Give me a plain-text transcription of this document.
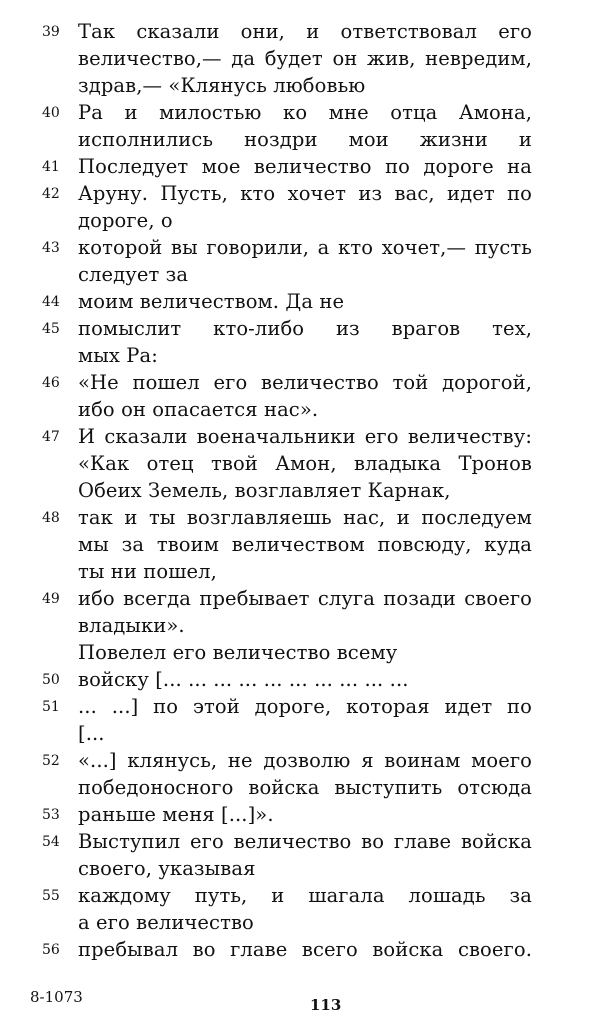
39 Так сказали они, и ответствовал его
величество,— да будет он жив, невредим,
здрав,— «Клянусь любовью
40 Ра и милостью ко мне отца Амона,
исполнились ноздри мои жизни и
41 Последует мое величество по дороге на
42 Аруну. Пусть, кто хочет из вас, идет по
дороге, о
43 которой вы говорили, а кто хочет,— пусть
следует за
44 моим величеством. Да не
45 помыслит кто-либо из врагов тех,
мых Ра:
46 «Не пошел его величество той дорогой,
ибо он опасается нас».
47 И сказали военачальники его величеству:
«Как отец твой Амон, владыка Тронов
Обеих Земель, возглавляет Карнак,
48 так и ты возглавляешь нас, и последуем
мы за твоим величеством повсюду, куда
ты ни пошел,
49 ибо всегда пребывает слуга позади своего
владыки».
Повелел его величество всему
50 войску [... ... ... ... ... ... ... ... ... ...
51 ... ...] по этой дороге, которая идет по
[...
52 «...] клянусь, не дозволю я воинам моего
победоносного войска выступить отсюда
53 раньше меня [...]».
54 Выступил его величество во главе войска
своего, указывая
55 каждому путь, и шагала лошадь за
а его величество
56 пребывал во главе всего войска своего.
8-1073	113
